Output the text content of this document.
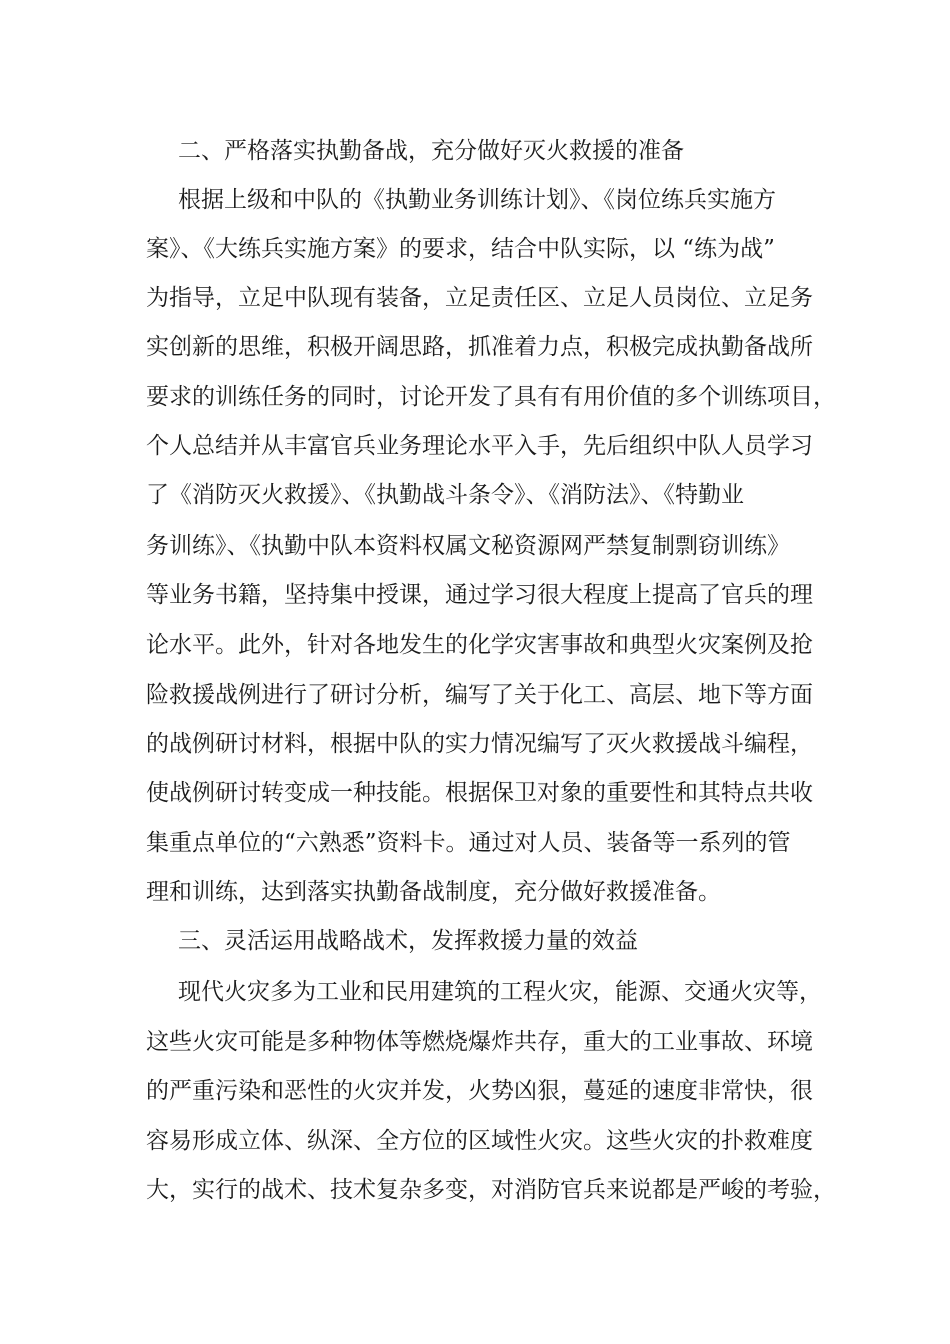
二、严格落实执勤备战，充分做好灭火救援的准备
根据上级和中队的《执勤业务训练计划》、《岗位练兵实施方
案》、《大练兵实施方案》的要求，结合中队实际，以 “练为战”
为指导，立足中队现有装备，立足责任区、立足人员岗位、立足务
实创新的思维，积极开阔思路，抓准着力点，积极完成执勤备战所
要求的训练任务的同时，讨论开发了具有有用价值的多个训练项目，
个人总结并从丰富官兵业务理论水平入手，先后组织中队人员学习
了《消防灭火救援》、《执勤战斗条令》、《消防法》、《特勤业
务训练》、《执勤中队本资料权属文秘资源网严禁复制剽窃训练》
等业务书籍，坚持集中授课，通过学习很大程度上提高了官兵的理
论水平。此外，针对各地发生的化学灾害事故和典型火灾案例及抢
险救援战例进行了研讨分析，编写了关于化工、高层、地下等方面
的战例研讨材料，根据中队的实力情况编写了灭火救援战斗编程，
使战例研讨转变成一种技能。根据保卫对象的重要性和其特点共收
集重点单位的“六熟悉”资料卡。通过对人员、装备等一系列的管
理和训练，达到落实执勤备战制度，充分做好救援准备。
三、灵活运用战略战术，发挥救援力量的效益
现代火灾多为工业和民用建筑的工程火灾，能源、交通火灾等，
这些火灾可能是多种物体等燃烧爆炸共存，重大的工业事故、环境
的严重污染和恶性的火灾并发，火势凶狠，蔓延的速度非常快，很
容易形成立体、纵深、全方位的区域性火灾。这些火灾的扑救难度
大，实行的战术、技术复杂多变，对消防官兵来说都是严峻的考验，
